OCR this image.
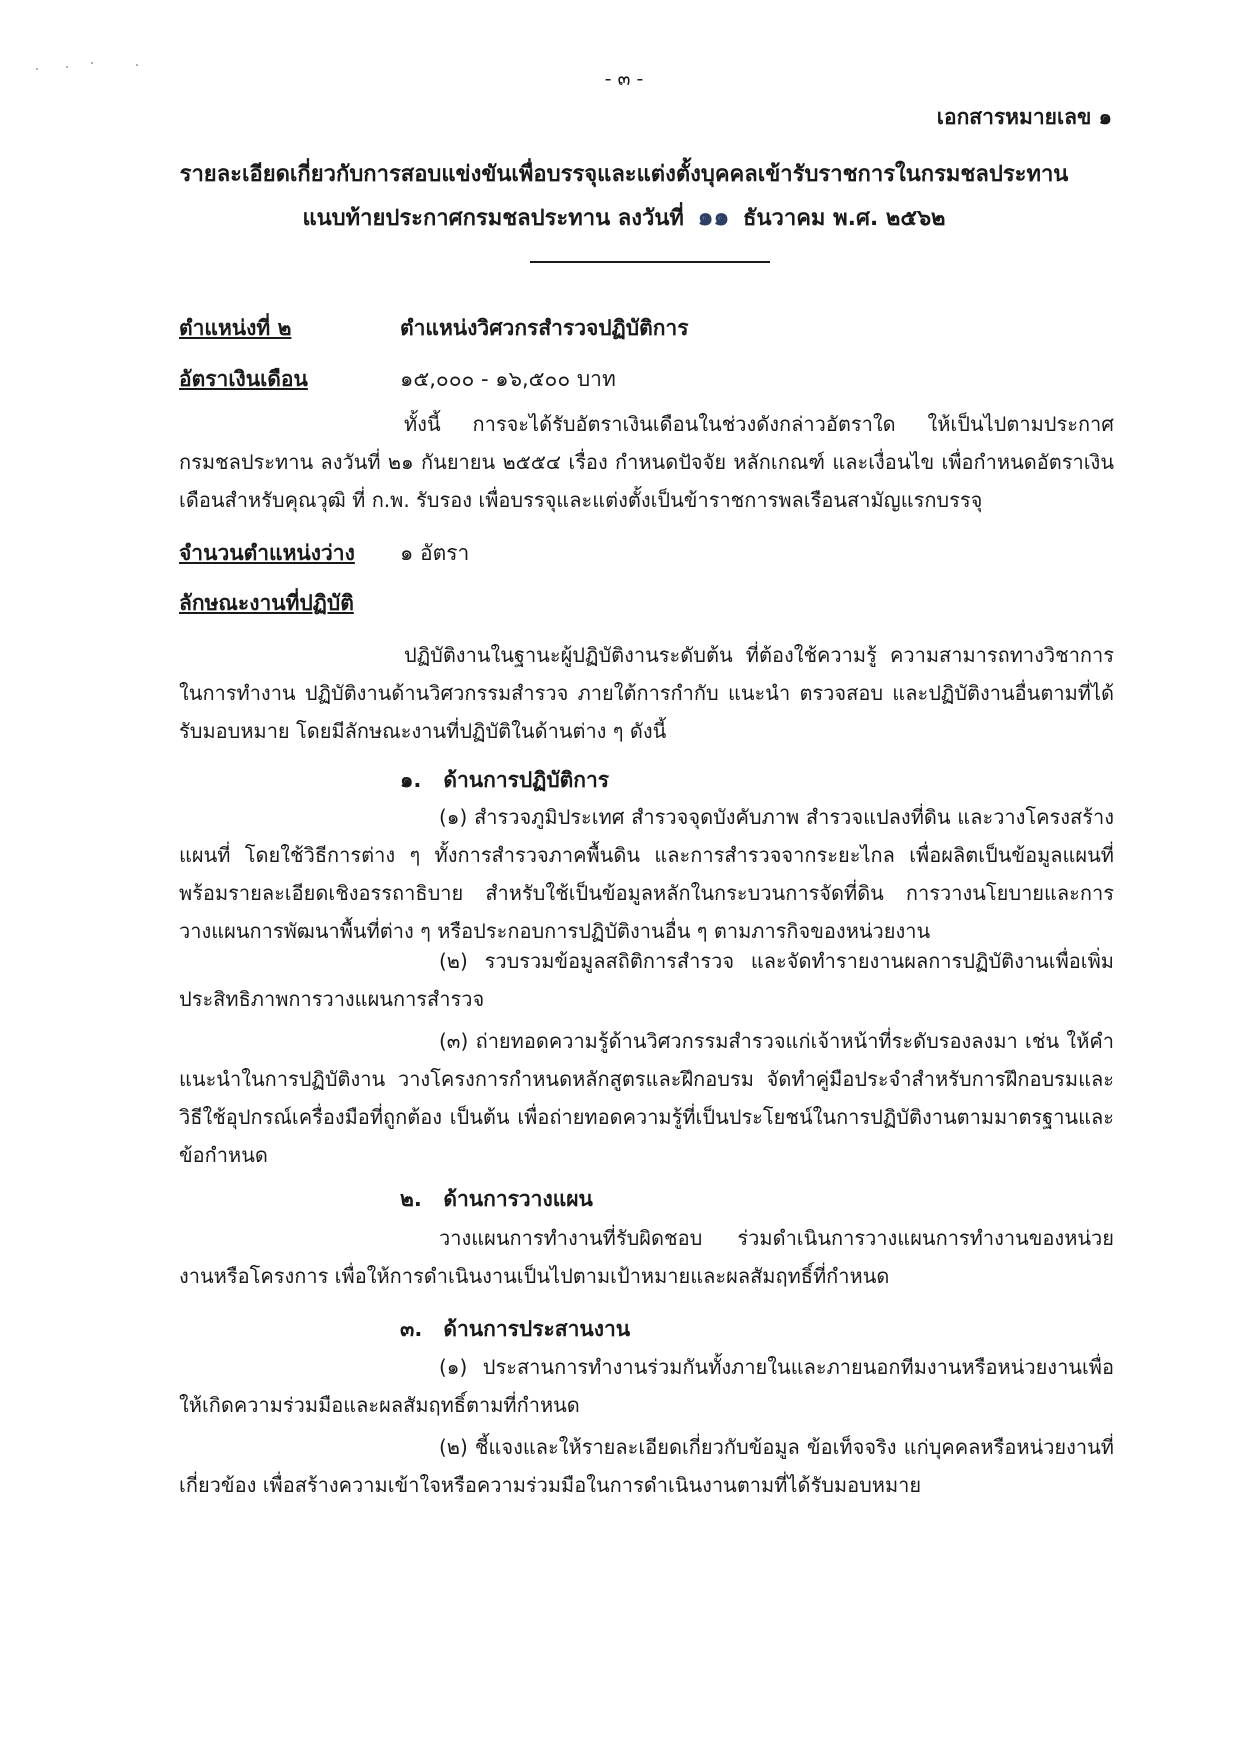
- ๓ -
เอกสารหมายเลข ๑
รายละเอียดเกี่ยวกับการสอบแข่งขันเพื่อบรรจุและแต่งตั้งบุคคลเข้ารับราชการในกรมชลประทาน
แนบท้ายประกาศกรมชลประทาน ลงวันที่ ๑๑ ธันวาคม พ.ศ. ๒๕๖๒
ตำแหน่งที่ ๒	ตำแหน่งวิศวกรสำรวจปฏิบัติการ
อัตราเงินเดือน	๑๕,๐๐๐ - ๑๖,๕๐๐ บาท
ทั้งนี้ การจะได้รับอัตราเงินเดือนในช่วงดังกล่าวอัตราใด ให้เป็นไปตามประกาศกรมชลประทาน ลงวันที่ ๒๑ กันยายน ๒๕๕๔ เรื่อง กำหนดปัจจัย หลักเกณฑ์ และเงื่อนไข เพื่อกำหนดอัตราเงินเดือนสำหรับคุณวุฒิ ที่ ก.พ. รับรอง เพื่อบรรจุและแต่งตั้งเป็นข้าราชการพลเรือนสามัญแรกบรรจุ
จำนวนตำแหน่งว่าง ๑ อัตรา
ลักษณะงานที่ปฏิบัติ
ปฏิบัติงานในฐานะผู้ปฏิบัติงานระดับต้น ที่ต้องใช้ความรู้ ความสามารถทางวิชาการในการทำงาน ปฏิบัติงานด้านวิศวกรรมสำรวจ ภายใต้การกำกับ แนะนำ ตรวจสอบ และปฏิบัติงานอื่นตามที่ได้รับมอบหมาย โดยมีลักษณะงานที่ปฏิบัติในด้านต่าง ๆ ดังนี้
๑. ด้านการปฏิบัติการ
(๑) สำรวจภูมิประเทศ สำรวจจุดบังคับภาพ สำรวจแปลงที่ดิน และวางโครงสร้างแผนที่ โดยใช้วิธีการต่าง ๆ ทั้งการสำรวจภาคพื้นดิน และการสำรวจจากระยะไกล เพื่อผลิตเป็นข้อมูลแผนที่ พร้อมรายละเอียดเชิงอรรถาธิบาย สำหรับใช้เป็นข้อมูลหลักในกระบวนการจัดที่ดิน การวางนโยบายและการวางแผนการพัฒนาพื้นที่ต่าง ๆ หรือประกอบการปฏิบัติงานอื่น ๆ ตามภารกิจของหน่วยงาน
(๒) รวบรวมข้อมูลสถิติการสำรวจ และจัดทำรายงานผลการปฏิบัติงานเพื่อเพิ่มประสิทธิภาพการวางแผนการสำรวจ
(๓) ถ่ายทอดความรู้ด้านวิศวกรรมสำรวจแก่เจ้าหน้าที่ระดับรองลงมา เช่น ให้คำแนะนำในการปฏิบัติงาน วางโครงการกำหนดหลักสูตรและฝึกอบรม จัดทำคู่มือประจำสำหรับการฝึกอบรมและวิธีใช้อุปกรณ์เครื่องมือที่ถูกต้อง เป็นต้น เพื่อถ่ายทอดความรู้ที่เป็นประโยชน์ในการปฏิบัติงานตามมาตรฐานและข้อกำหนด
๒. ด้านการวางแผน
วางแผนการทำงานที่รับผิดชอบ ร่วมดำเนินการวางแผนการทำงานของหน่วยงานหรือโครงการ เพื่อให้การดำเนินงานเป็นไปตามเป้าหมายและผลสัมฤทธิ์ที่กำหนด
๓. ด้านการประสานงาน
(๑) ประสานการทำงานร่วมกันทั้งภายในและภายนอกทีมงานหรือหน่วยงานเพื่อให้เกิดความร่วมมือและผลสัมฤทธิ์ตามที่กำหนด
(๒) ชี้แจงและให้รายละเอียดเกี่ยวกับข้อมูล ข้อเท็จจริง แก่บุคคลหรือหน่วยงานที่เกี่ยวข้อง เพื่อสร้างความเข้าใจหรือความร่วมมือในการดำเนินงานตามที่ได้รับมอบหมาย
